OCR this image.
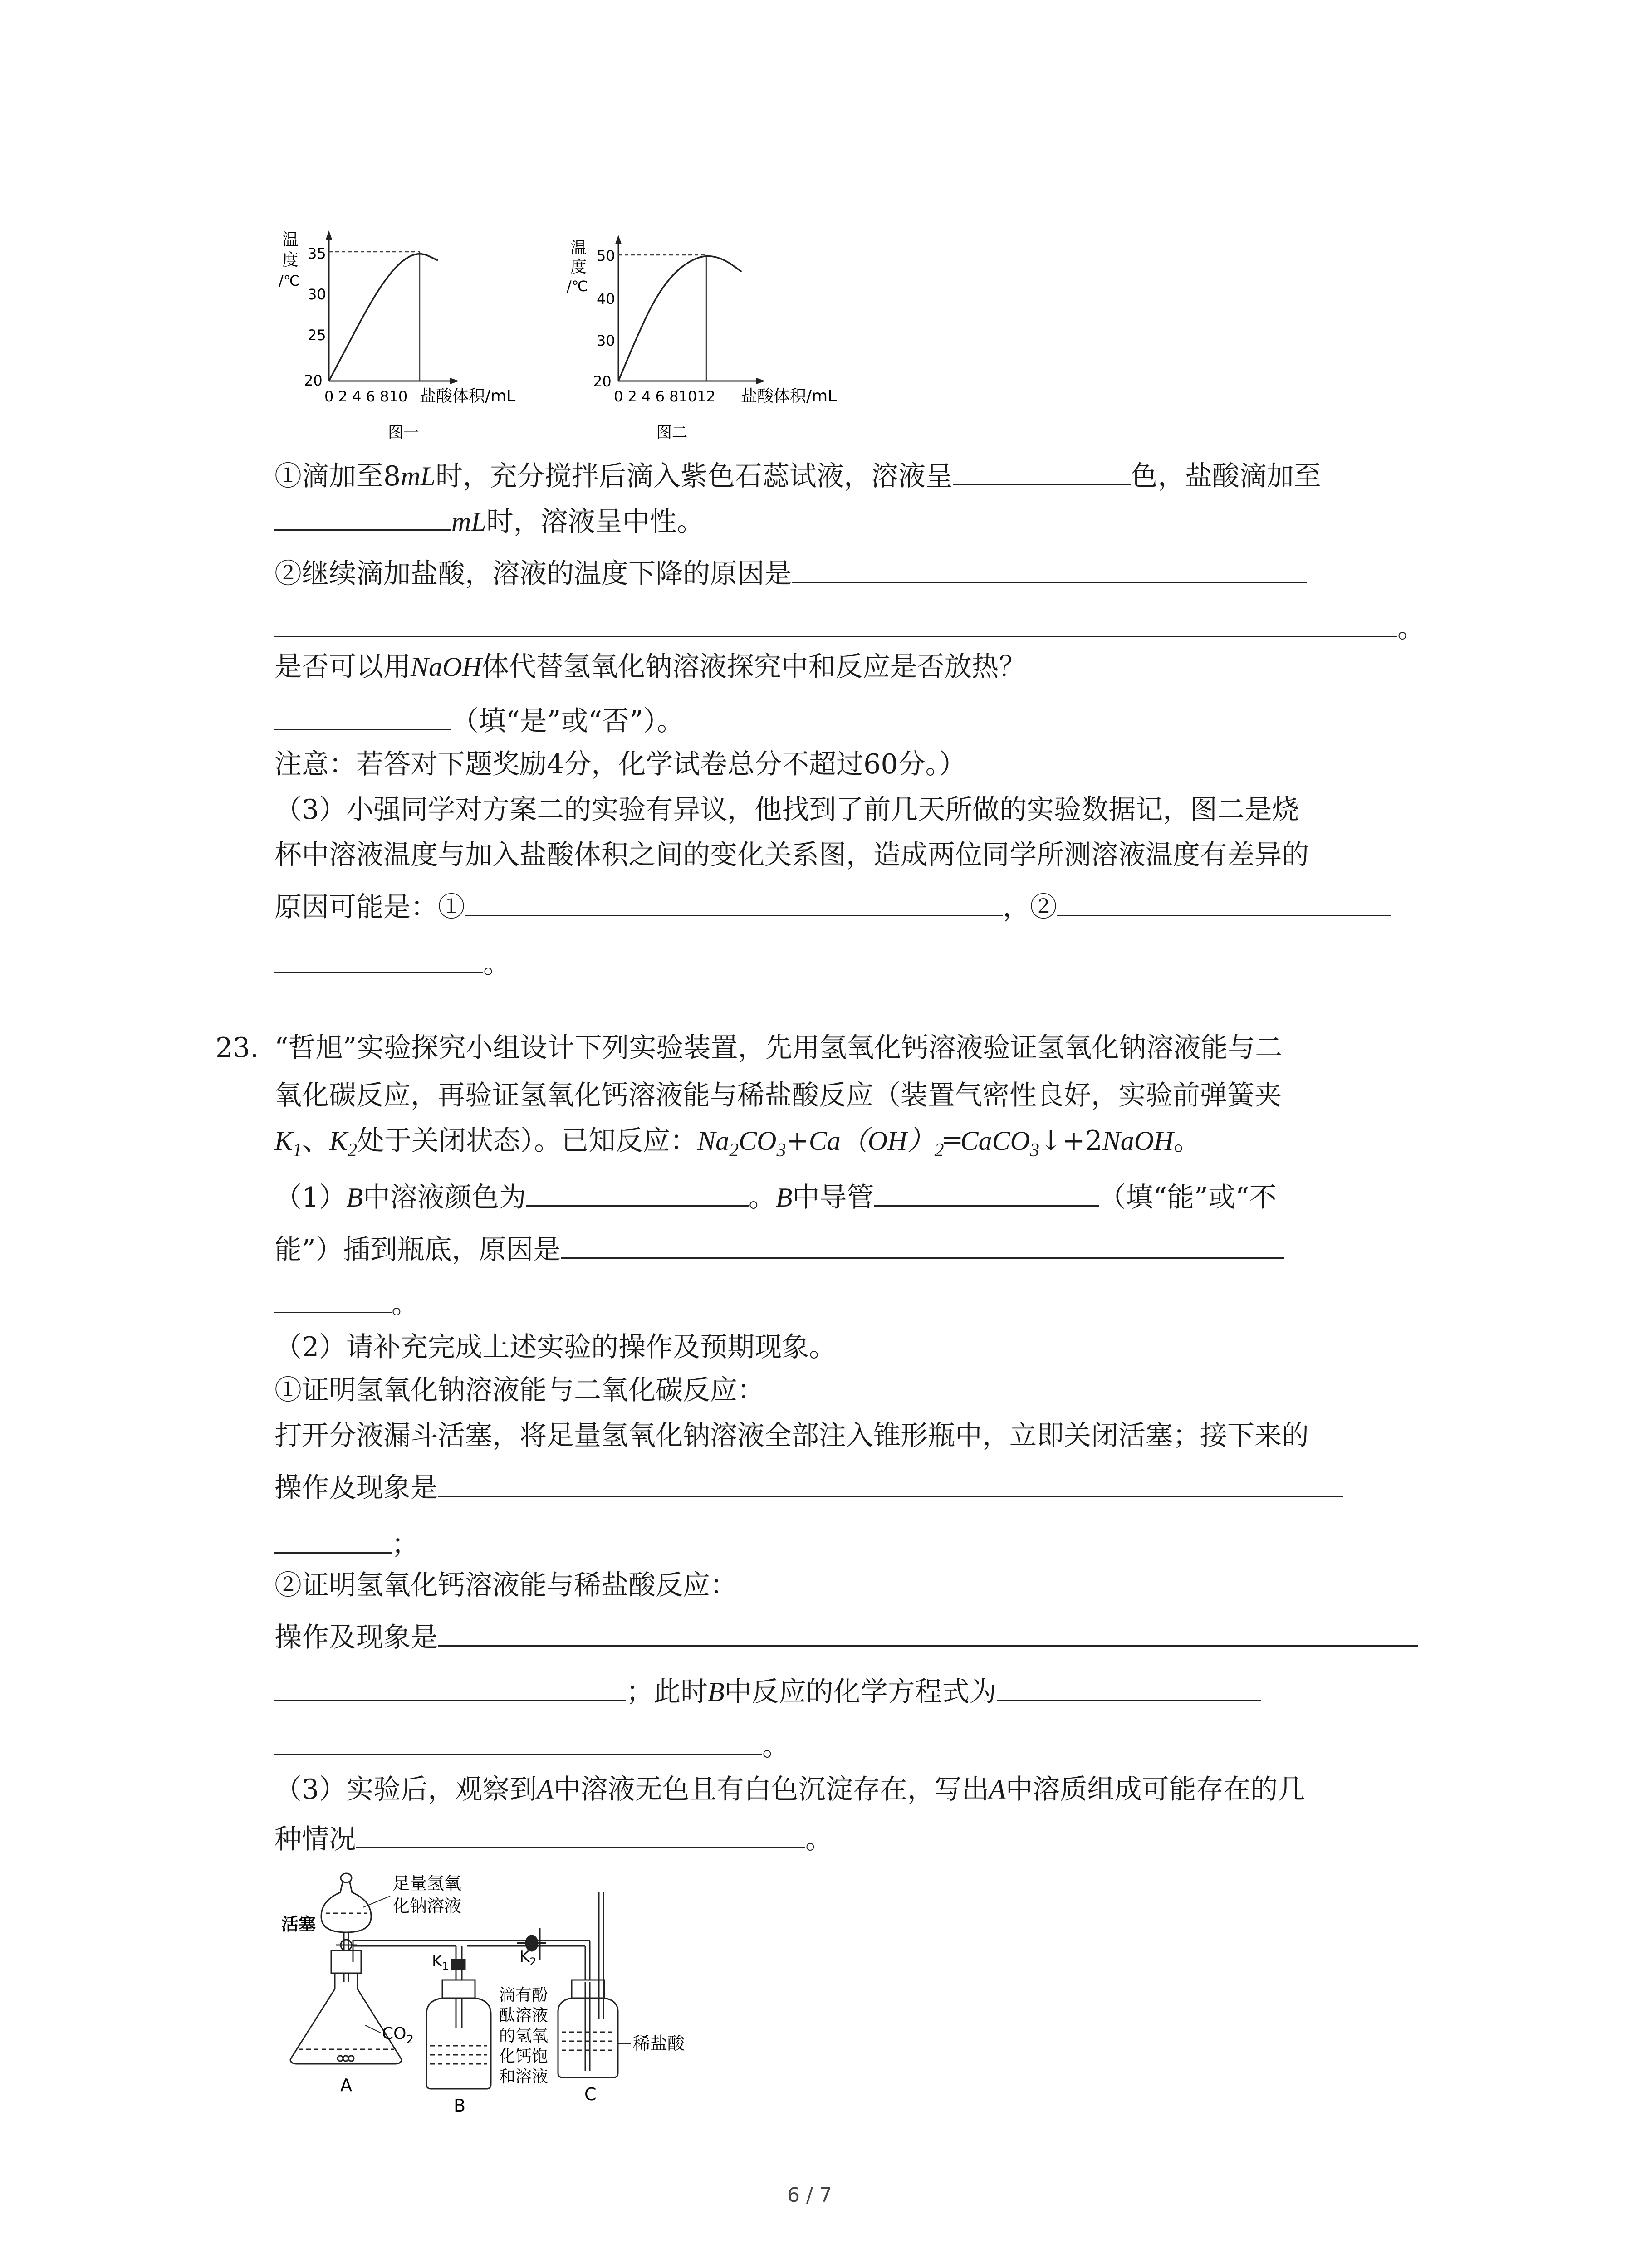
温
度
/℃
35
30
25
20
0 2 4 6 810 盐酸体积/mL
图一
温
度
/℃
50
40
30
20
0 2 4 6 81012 盐酸体积/mL
图二
①滴加至8mL时，充分搅拌后滴入紫色石蕊试液，溶液呈	色，盐酸滴加至
mL时，溶液呈中性。
②继续滴加盐酸，溶液的温度下降的原因是
。
是否可以用NaOH体代替氢氧化钠溶液探究中和反应是否放热？
（填“是”或“否”）。
注意：若答对下题奖励4分，化学试卷总分不超过60分。）
（3）小强同学对方案二的实验有异议，他找到了前几天所做的实验数据记，图二是烧
杯中溶液温度与加入盐酸体积之间的变化关系图，造成两位同学所测溶液温度有差异的
原因可能是：①	，②
。
23. “哲旭”实验探究小组设计下列实验装置，先用氢氧化钙溶液验证氢氧化钠溶液能与二
氧化碳反应，再验证氢氧化钙溶液能与稀盐酸反应（装置气密性良好，实验前弹簧夹
$K_1$、$K_2$处于关闭状态）。已知反应：$Na_2CO_3+Ca(OH)_2═CaCO_3↓+2NaOH$。
（1）B中溶液颜色为	。B中导管	（填“能”或“不
能”）插到瓶底，原因是
。
（2）请补充完成上述实验的操作及预期现象。
①证明氢氧化钠溶液能与二氧化碳反应：
打开分液漏斗活塞，将足量氢氧化钠溶液全部注入锥形瓶中，立即关闭活塞；接下来的
操作及现象是
；
②证明氢氧化钙溶液能与稀盐酸反应：
操作及现象是
；此时B中反应的化学方程式为
。
（3）实验后，观察到A中溶液无色且有白色沉淀存在，写出A中溶质组成可能存在的几
种情况	。
活塞
足量氢氧
化钠溶液
$CO_2$
A
$K_1$
$K_2$
B
滴有酚
酞溶液
的氢氧
化钙饱
和溶液
稀盐酸
C
6 / 7
